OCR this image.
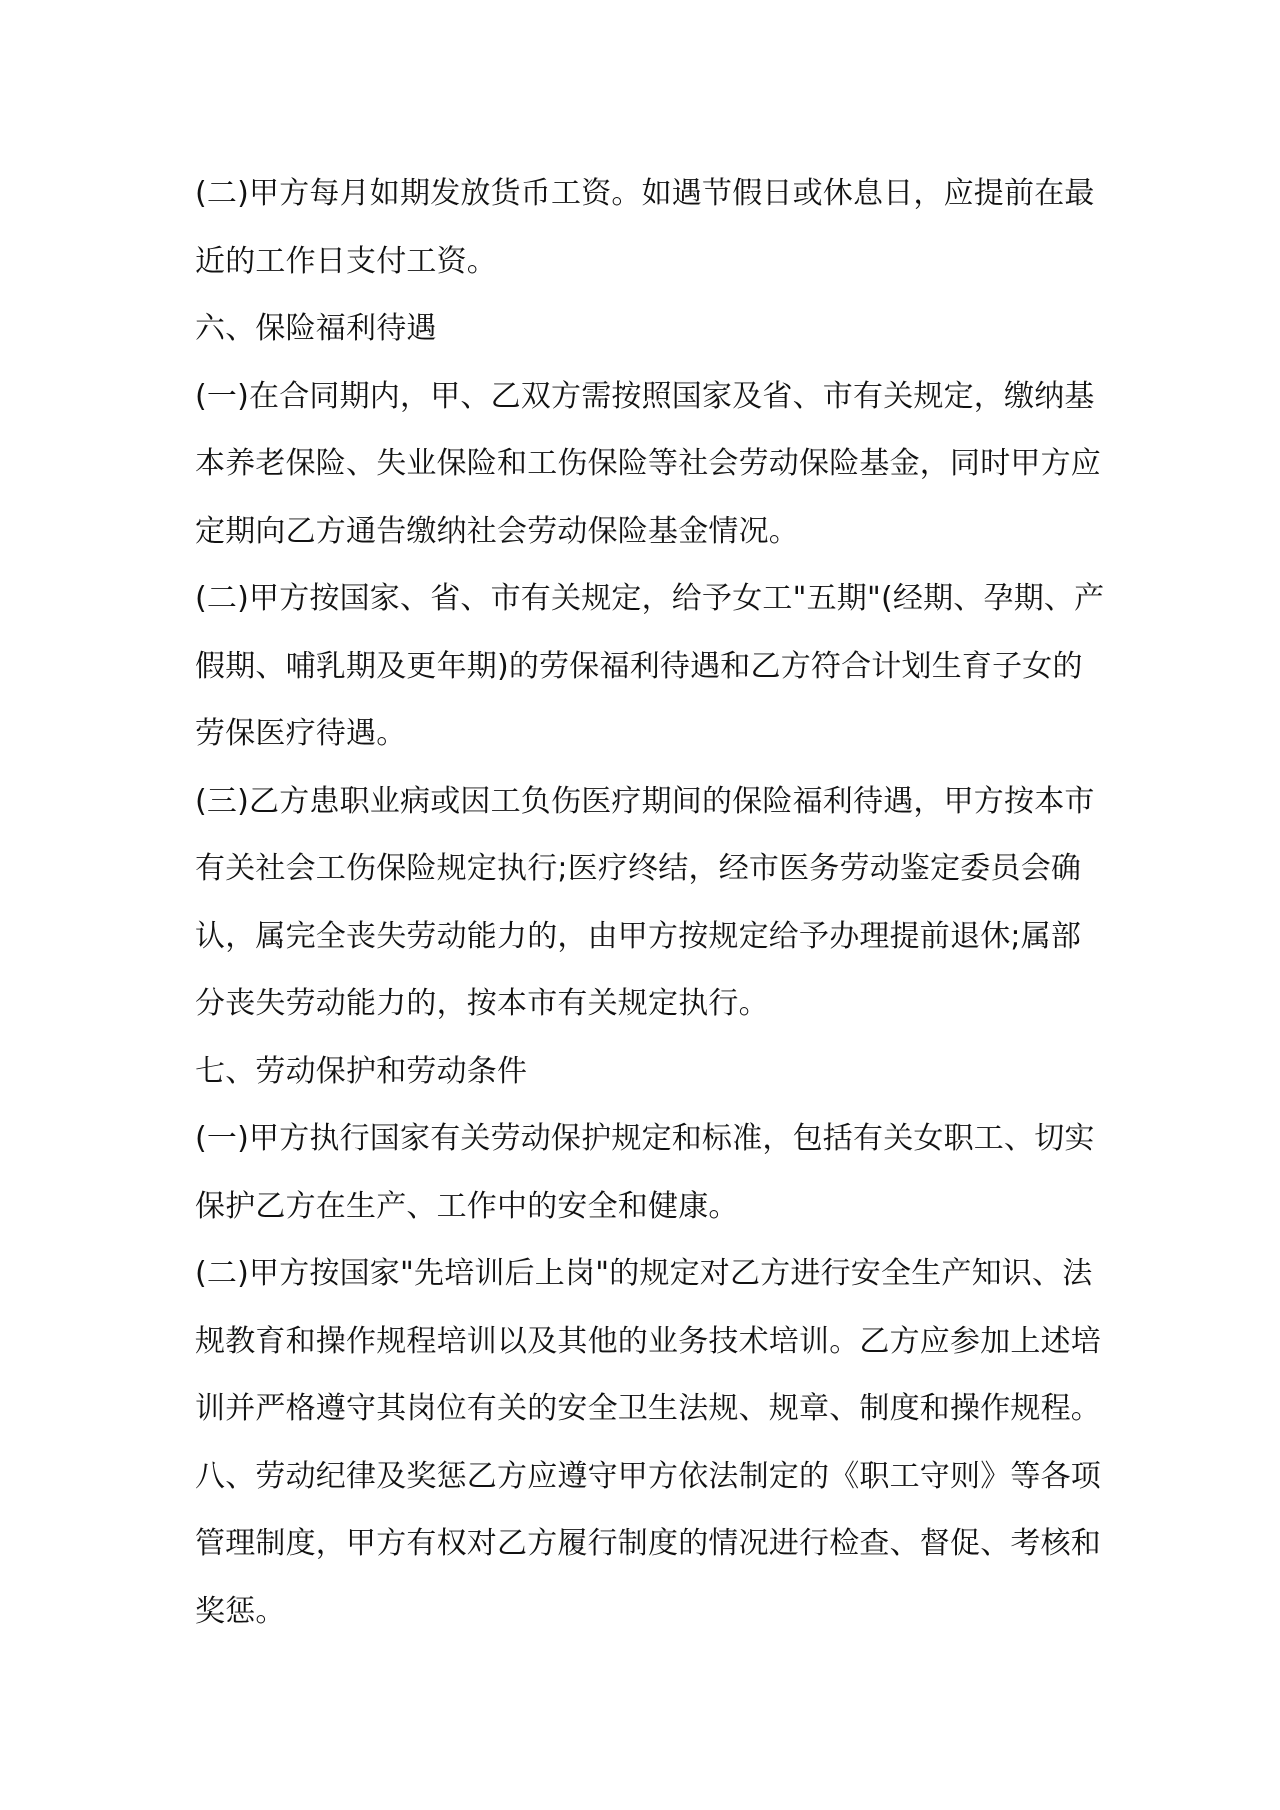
(二)甲方每月如期发放货币工资。如遇节假日或休息日，应提前在最
近的工作日支付工资。
六、保险福利待遇
(一)在合同期内，甲、乙双方需按照国家及省、市有关规定，缴纳基
本养老保险、失业保险和工伤保险等社会劳动保险基金，同时甲方应
定期向乙方通告缴纳社会劳动保险基金情况。
(二)甲方按国家、省、市有关规定，给予女工"五期"(经期、孕期、产
假期、哺乳期及更年期)的劳保福利待遇和乙方符合计划生育子女的
劳保医疗待遇。
(三)乙方患职业病或因工负伤医疗期间的保险福利待遇，甲方按本市
有关社会工伤保险规定执行;医疗终结，经市医务劳动鉴定委员会确
认，属完全丧失劳动能力的，由甲方按规定给予办理提前退休;属部
分丧失劳动能力的，按本市有关规定执行。
七、劳动保护和劳动条件
(一)甲方执行国家有关劳动保护规定和标准，包括有关女职工、切实
保护乙方在生产、工作中的安全和健康。
(二)甲方按国家"先培训后上岗"的规定对乙方进行安全生产知识、法
规教育和操作规程培训以及其他的业务技术培训。乙方应参加上述培
训并严格遵守其岗位有关的安全卫生法规、规章、制度和操作规程。
八、劳动纪律及奖惩乙方应遵守甲方依法制定的《职工守则》等各项
管理制度，甲方有权对乙方履行制度的情况进行检查、督促、考核和
奖惩。
